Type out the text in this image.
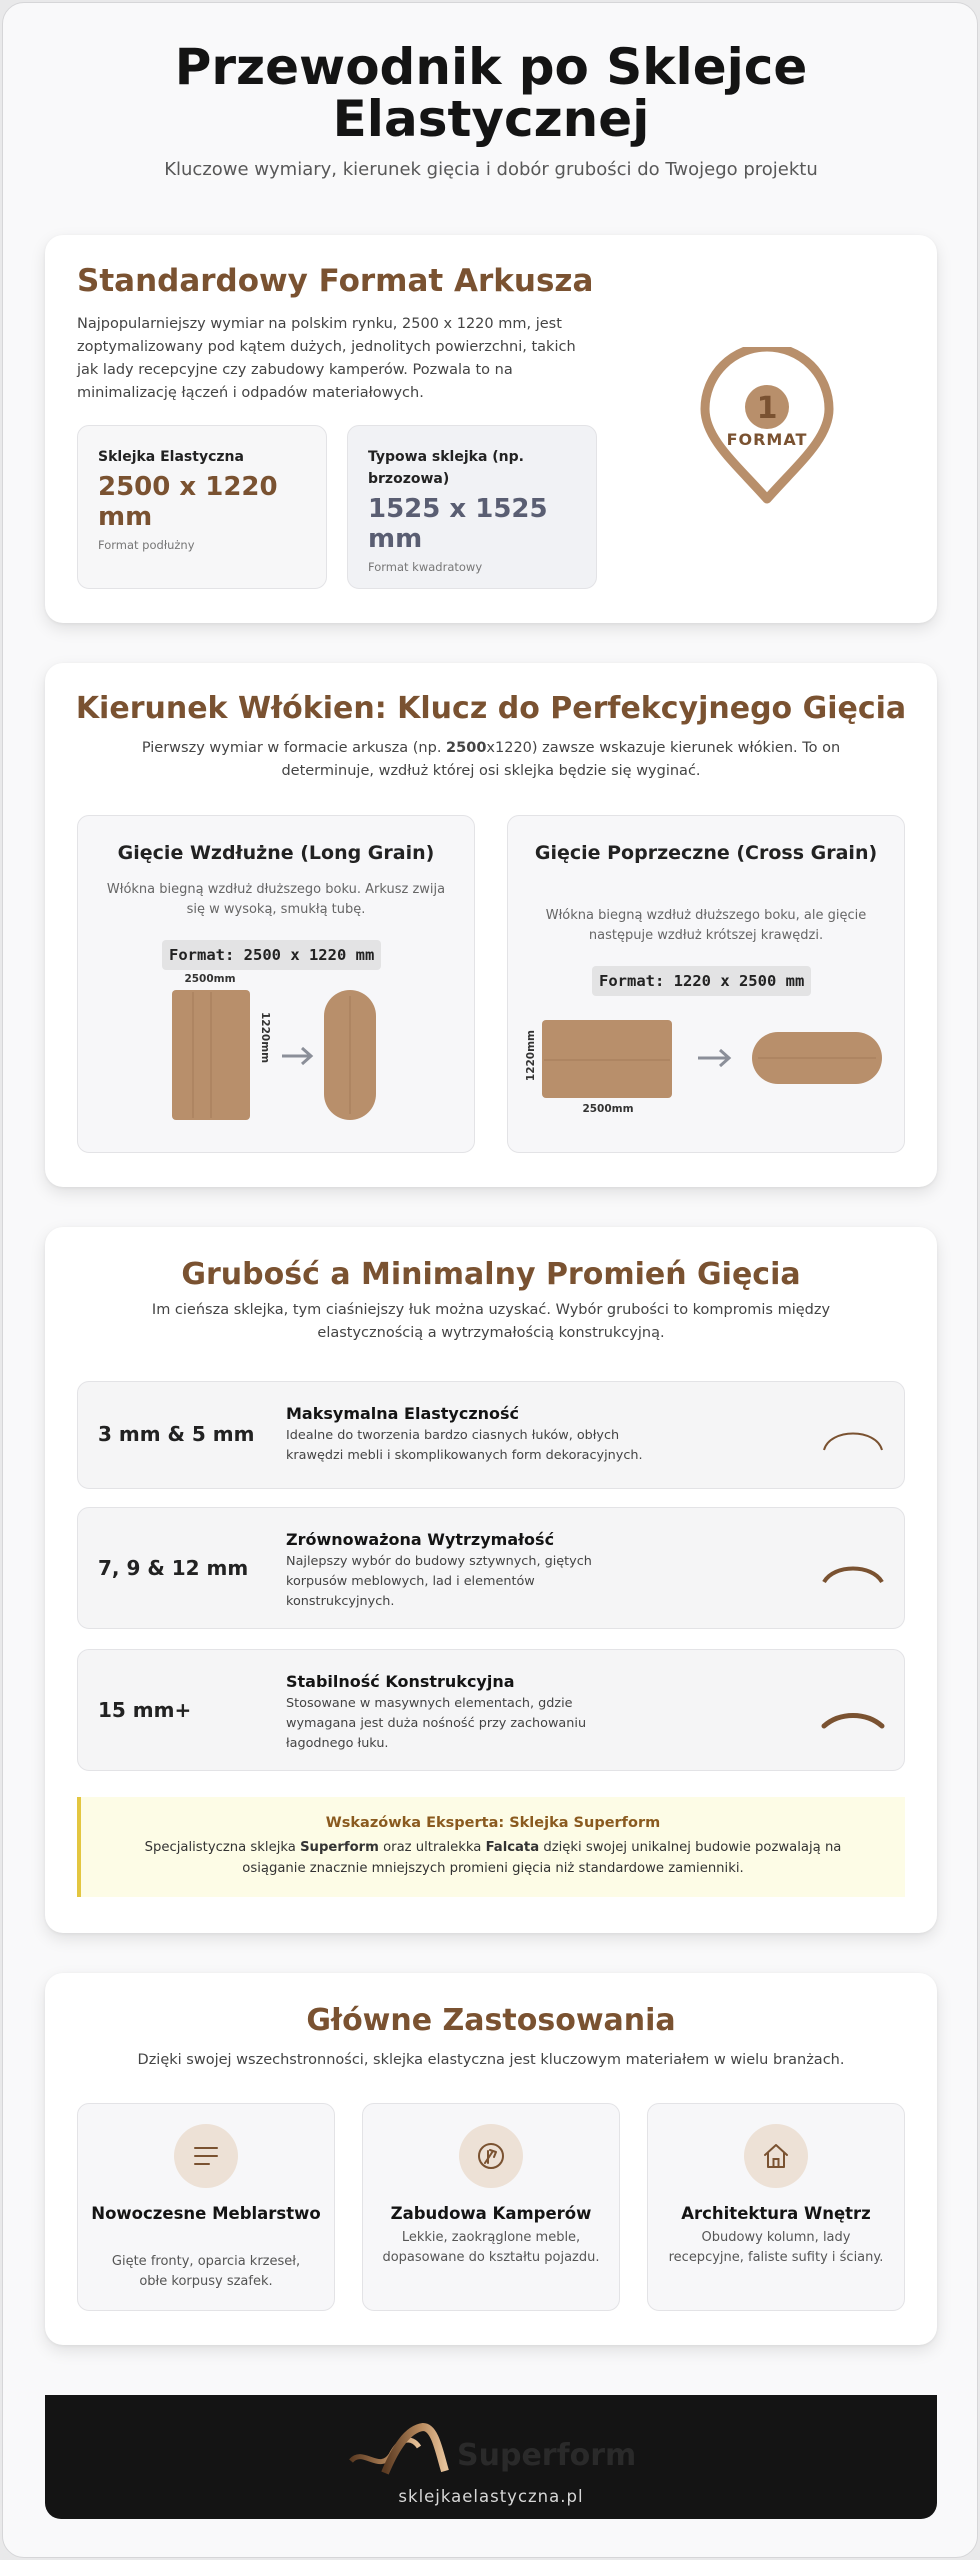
Przewodnik po Sklejce Elastycznej

Kluczowe wymiary, kierunek gięcia i dobór grubości do Twojego projektu

Standardowy Format Arkusza

Najpopularniejszy wymiar na polskim rynku, 2500 x 1220 mm, jest zoptymalizowany pod kątem dużych, jednolitych powierzchni, takich jak lady recepcyjne czy zabudowy kamperów. Pozwala to na minimalizację łączeń i odpadów materiałowych.

Sklejka Elastyczna
2500 x 1220 mm
Format podłużny
Typowa sklejka (np. brzozowa)
1525 x 1525 mm
Format kwadratowy
1
FORMAT
Kierunek Włókien: Klucz do Perfekcyjnego Gięcia

Pierwszy wymiar w formacie arkusza (np. 2500x1220) zawsze wskazuje kierunek włókien. To on determinuje, wzdłuż której osi sklejka będzie się wyginać.

Gięcie Wzdłużne (Long Grain)

Włókna biegną wzdłuż dłuższego boku. Arkusz zwija się w wysoką, smukłą tubę.

Format: 2500 x 1220 mm
2500mm
1220mm
Gięcie Poprzeczne (Cross Grain)

Włókna biegną wzdłuż dłuższego boku, ale gięcie następuje wzdłuż krótszej krawędzi.

Format: 1220 x 2500 mm
1220mm
2500mm
Grubość a Minimalny Promień Gięcia

Im cieńsza sklejka, tym ciaśniejszy łuk można uzyskać. Wybór grubości to kompromis między elastycznością a wytrzymałością konstrukcyjną.

3 mm & 5 mm
Maksymalna Elastyczność
Idealne do tworzenia bardzo ciasnych łuków, obłych krawędzi mebli i skomplikowanych form dekoracyjnych.
7, 9 & 12 mm
Zrównoważona Wytrzymałość
Najlepszy wybór do budowy sztywnych, giętych korpusów meblowych, lad i elementów konstrukcyjnych.
15 mm+
Stabilność Konstrukcyjna
Stosowane w masywnych elementach, gdzie wymagana jest duża nośność przy zachowaniu łagodnego łuku.
Wskazówka Eksperta: Sklejka Superform
Specjalistyczna sklejka Superform oraz ultralekka Falcata dzięki swojej unikalnej budowie pozwalają na osiąganie znacznie mniejszych promieni gięcia niż standardowe zamienniki.
Główne Zastosowania

Dzięki swojej wszechstronności, sklejka elastyczna jest kluczowym materiałem w wielu branżach.

Nowoczesne Meblarstwo
Gięte fronty, oparcia krzeseł, obłe korpusy szafek.
Zabudowa Kamperów
Lekkie, zaokrąglone meble, dopasowane do kształtu pojazdu.
Architektura Wnętrz
Obudowy kolumn, lady recepcyjne, faliste sufity i ściany.
Superform
sklejkaelastyczna.pl
